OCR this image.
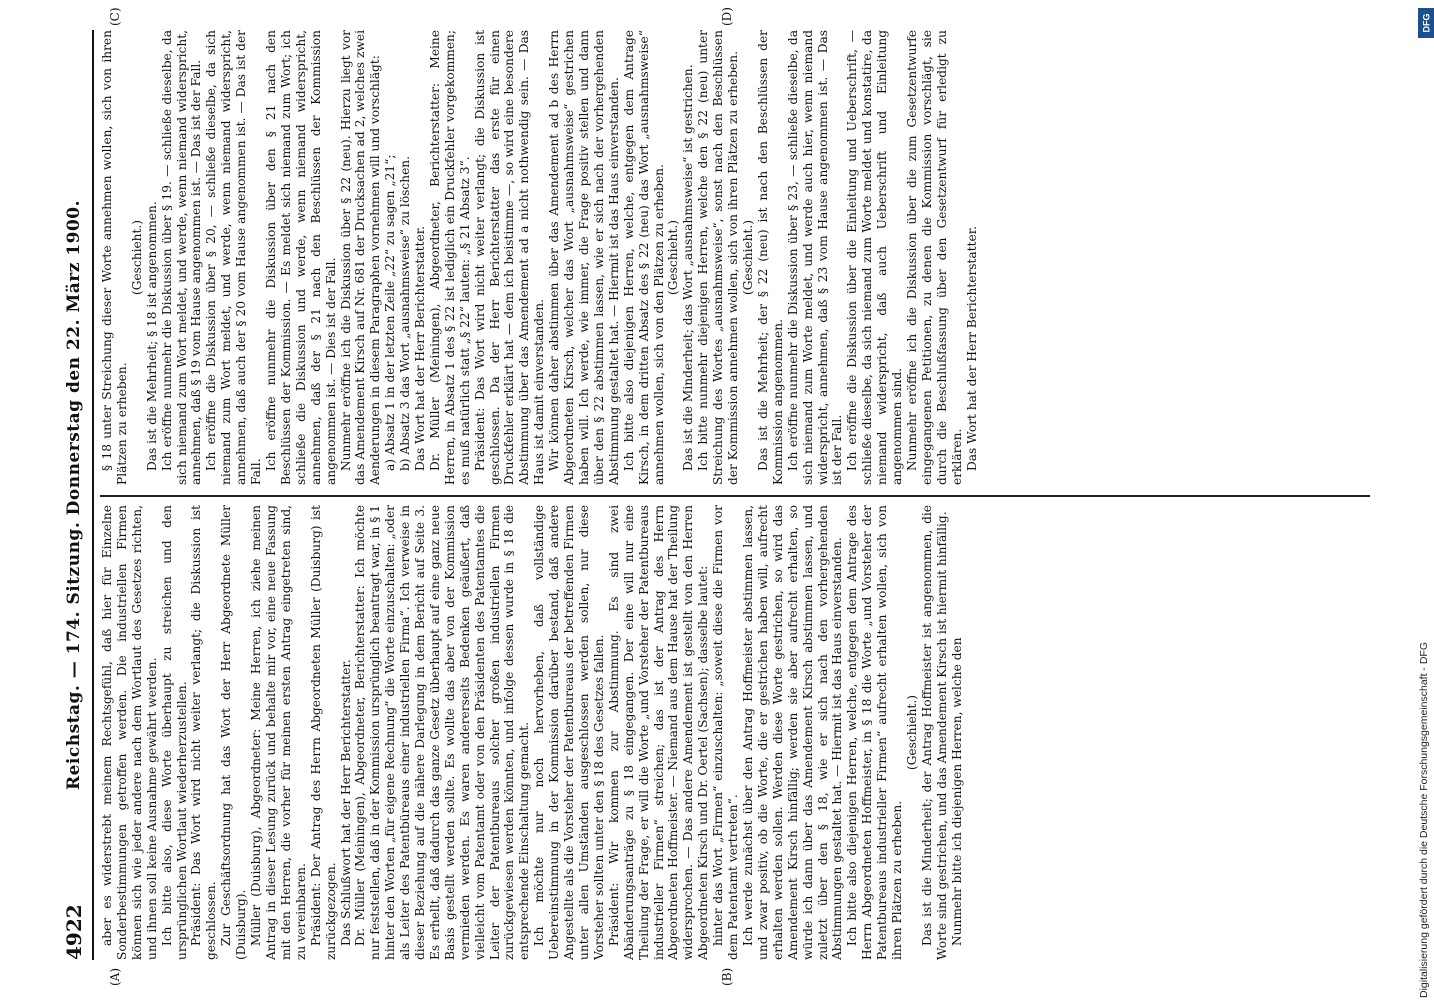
4922
Reichstag. — 174. Sitzung. Donnerstag den 22. März 1900.
(A)	(B)
(C)	(D)

aber es widerstrebt meinem Rechtsgefühl, daß hier für Einzelne Sonderbestimmungen getroffen werden. Die industriellen Firmen können sich wie jeder andere nach dem Wortlaut des Gesetzes richten, und ihnen soll keine Ausnahme gewährt werden. Ich bitte also, diese Worte überhaupt zu streichen und den ursprünglichen Wortlaut wiederherzustellen. Präsident: Das Wort wird nicht weiter verlangt; die Diskussion ist geschlossen. Zur Geschäftsordnung hat das Wort der Herr Abgeordnete Müller (Duisburg). Müller (Duisburg), Abgeordneter: Meine Herren, ich ziehe meinen Antrag in dieser Lesung zurück und behalte mir vor, eine neue Fassung mit den Herren, die vorher für meinen ersten Antrag eingetreten sind, zu vereinbaren. Präsident: Der Antrag des Herrn Abgeordneten Müller (Duisburg) ist zurückgezogen. Das Schlußwort hat der Herr Berichterstatter. Dr. Müller (Meiningen), Abgeordneter, Berichterstatter: Ich möchte nur feststellen, daß in der Kommission ursprünglich beantragt war, in § 1 hinter den Worten „für eigene Rechnung“ die Worte einzuschalten: „oder als Leiter des Patentbüreaus einer industriellen Firma“. Ich verweise in dieser Beziehung auf die nähere Darlegung in dem Bericht auf Seite 3. Es erhellt, daß dadurch das ganze Gesetz überhaupt auf eine ganz neue Basis gestellt werden sollte. Es wollte das aber von der Kommission vermieden werden. Es waren andererseits Bedenken geäußert, daß vielleicht vom Patentamt oder von den Präsidenten des Patentamtes die Leiter der Patentbureaus solcher großen industriellen Firmen zurückgewiesen werden könnten, und infolge dessen wurde in § 18 die entsprechende Einschaltung gemacht. Ich möchte nur noch hervorheben, daß vollständige Uebereinstimmung in der Kommission darüber bestand, daß andere Angestellte als die Vorsteher der Patentbureaus der betreffenden Firmen unter allen Umständen ausgeschlossen werden sollen, nur diese Vorsteher sollten unter den § 18 des Gesetzes fallen. Präsident: Wir kommen zur Abstimmung. Es sind zwei Abänderungsanträge zu § 18 eingegangen. Der eine will nur eine Theilung der Frage, er will die Worte „und Vorsteher der Patentbureaus industrieller Firmen“ streichen; das ist der Antrag des Herrn Abgeordneten Hoffmeister. — Niemand aus dem Hause hat der Theilung widersprochen. — Das andere Amendement ist gestellt von den Herren Abgeordneten Kirsch und Dr. Oertel (Sachsen); dasselbe lautet: hinter das Wort „Firmen“ einzuschalten: „soweit diese die Firmen vor dem Patentamt vertreten“. Ich werde zunächst über den Antrag Hoffmeister abstimmen lassen, und zwar positiv, ob die Worte, die er gestrichen haben will, aufrecht erhalten werden sollen. Werden diese Worte gestrichen, so wird das Amendement Kirsch hinfällig; werden sie aber aufrecht erhalten, so würde ich dann über das Amendement Kirsch abstimmen lassen, und zuletzt über den § 18, wie er sich nach den vorhergehenden Abstimmungen gestaltet hat. — Hiermit ist das Haus einverstanden. Ich bitte also diejenigen Herren, welche, entgegen dem Antrage des Herrn Abgeordneten Hoffmeister, in § 18 die Worte „und Vorsteher der Patentbureaus industrieller Firmen“ aufrecht erhalten wollen, sich von ihren Plätzen zu erheben.

(Geschieht.) Das ist die Minderheit; der Antrag Hoffmeister ist angenommen, die Worte sind gestrichen, und das Amendement Kirsch ist hiermit hinfällig. Nunmehr bitte ich diejenigen Herren, welche den

§ 18 unter Streichung dieser Worte annehmen wollen, sich von ihren Plätzen zu erheben.

(Geschieht.) Das ist die Mehrheit; § 18 ist angenommen. Ich eröffne nunmehr die Diskussion über § 19. — schließe dieselbe, da sich niemand zum Wort meldet, und werde, wenn niemand widerspricht, annehmen, daß § 19 vom Hause angenommen ist. — Das ist der Fall. Ich eröffne die Diskussion über § 20, — schließe dieselbe, da sich niemand zum Wort meldet, und werde, wenn niemand widerspricht, annehmen, daß auch der § 20 vom Hause angenommen ist. — Das ist der Fall.

Ich eröffne nunmehr die Diskussion über den § 21 nach den Beschlüssen der Kommission. — Es meldet sich niemand zum Wort; ich schließe die Diskussion und werde, wenn niemand widerspricht, annehmen, daß der § 21 nach den Beschlüssen der Kommission angenommen ist. — Dies ist der Fall. Nunmehr eröffne ich die Diskussion über § 22 (neu). Hierzu liegt vor das Amendement Kirsch auf Nr. 681 der Drucksachen ad 2, welches zwei Aenderungen in diesem Paragraphen vornehmen will und vorschlägt: a) Absatz 1 in der letzten Zeile „22“ zu sagen „21“; b) Absatz 3 das Wort „ausnahmsweise“ zu löschen. Das Wort hat der Herr Berichterstatter. Dr. Müller (Meiningen), Abgeordneter, Berichterstatter: Meine Herren, in Absatz 1 des § 22 ist lediglich ein Druckfehler vorgekommen; es muß natürlich statt „§ 22“ lauten: „§ 21 Absatz 3“. Präsident: Das Wort wird nicht weiter verlangt; die Diskussion ist geschlossen. Da der Herr Berichterstatter das erste für einen Druckfehler erklärt hat — dem ich beistimme —, so wird eine besondere Abstimmung über das Amendement ad a nicht nothwendig sein. — Das Haus ist damit einverstanden. Wir können daher abstimmen über das Amendement ad b des Herrn Abgeordneten Kirsch, welcher das Wort „ausnahmsweise“ gestrichen haben will. Ich werde, wie immer, die Frage positiv stellen und dann über den § 22 abstimmen lassen, wie er sich nach der vorhergehenden Abstimmung gestaltet hat. — Hiermit ist das Haus einverstanden. Ich bitte also diejenigen Herren, welche, entgegen dem Antrage Kirsch, in dem dritten Absatz des § 22 (neu) das Wort „ausnahmsweise“ annehmen wollen, sich von den Plätzen zu erheben. (Geschieht.) Das ist die Minderheit; das Wort „ausnahmsweise“ ist gestrichen. Ich bitte nunmehr diejenigen Herren, welche den § 22 (neu) unter Streichung des Wortes „ausnahmsweise“, sonst nach den Beschlüssen der Kommission annehmen wollen, sich von ihren Plätzen zu erheben. (Geschieht.) Das ist die Mehrheit; der § 22 (neu) ist nach den Beschlüssen der Kommission angenommen. Ich eröffne nunmehr die Diskussion über § 23, — schließe dieselbe, da sich niemand zum Worte meldet, und werde auch hier, wenn niemand widerspricht, annehmen, daß § 23 vom Hause angenommen ist. — Das ist der Fall. Ich eröffne die Diskussion über die Einleitung und Ueberschrift, — schließe dieselbe, da sich niemand zum Worte meldet und konstatire, da niemand widerspricht, daß auch Ueberschrift und Einleitung angenommen sind. Nunmehr eröffne ich die Diskussion über die zum Gesetzentwurfe eingegangenen Petitionen, zu denen die Kommission vorschlägt, sie durch die Beschlußfassung über den Gesetzentwurf für erledigt zu erklären. Das Wort hat der Herr Berichterstatter.

Digitalisierung gefördert durch die Deutsche Forschungsgemeinschaft - DFG
DFG
